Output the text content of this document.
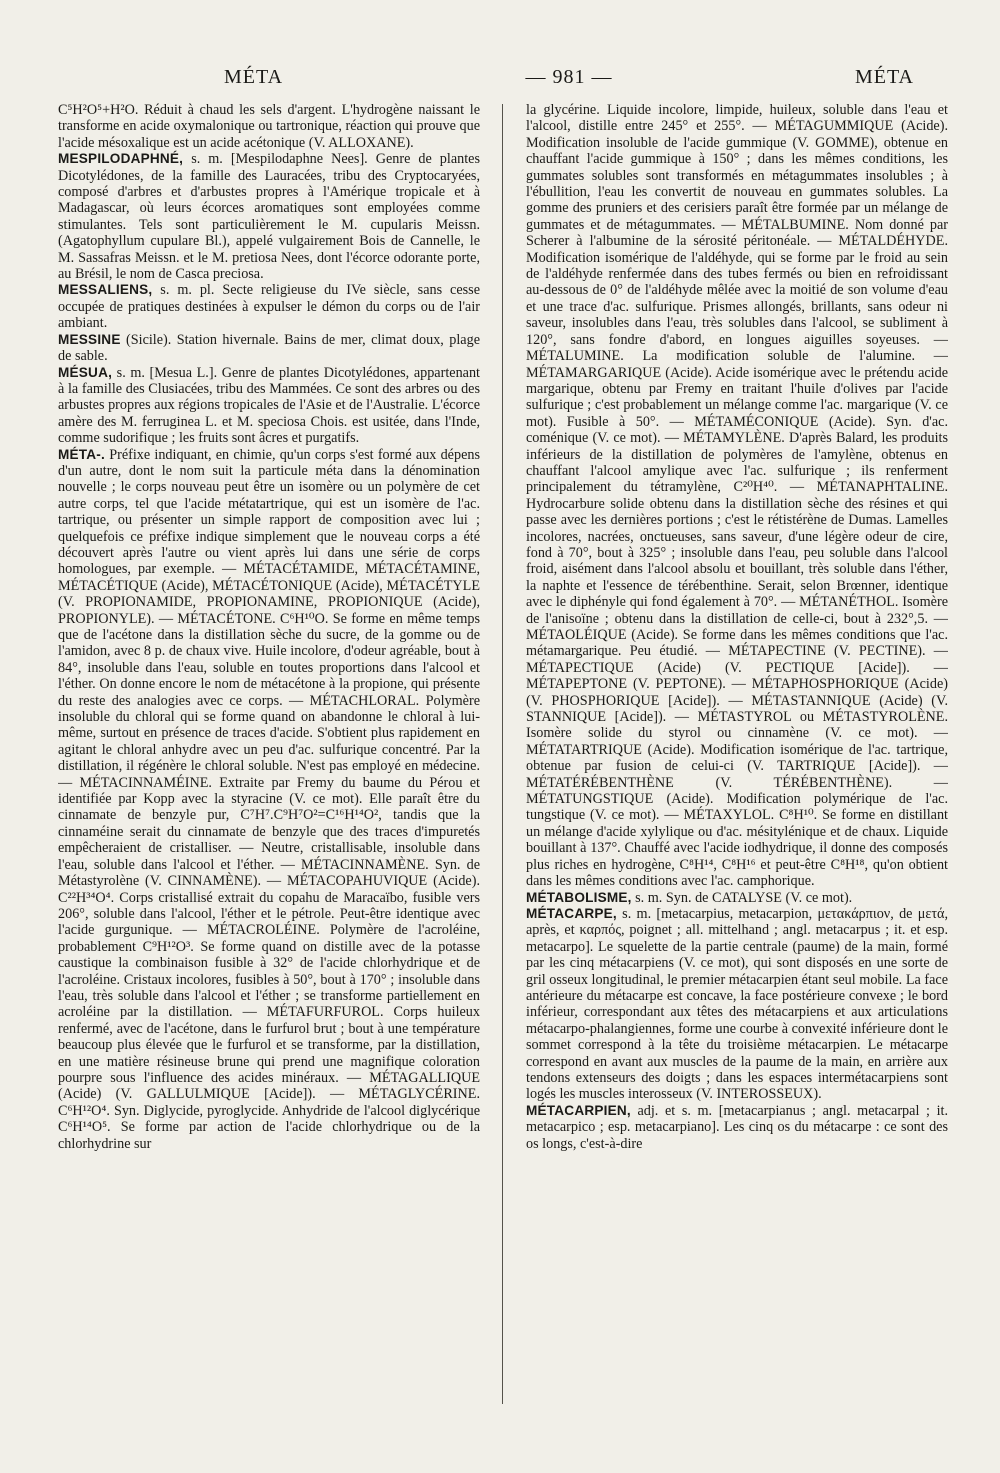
MÉTA	— 981 —	MÉTA

C⁵H²O⁵+H²O. Réduit à chaud les sels d'argent. L'hydrogène naissant le transforme en acide oxymalonique ou tartronique, réaction qui prouve que l'acide mésoxalique est un acide acétonique (V. ALLOXANE).

MESPILODAPHNÉ, s. m. [Mespilodaphne Nees]. Genre de plantes Dicotylédones, de la famille des Lauracées, tribu des Cryptocaryées, composé d'arbres et d'arbustes propres à l'Amérique tropicale et à Madagascar, où leurs écorces aromatiques sont employées comme stimulantes. Tels sont particulièrement le M. cupularis Meissn. (Agatophyllum cupulare Bl.), appelé vulgairement Bois de Cannelle, le M. Sassafras Meissn. et le M. pretiosa Nees, dont l'écorce odorante porte, au Brésil, le nom de Casca preciosa.

MESSALIENS, s. m. pl. Secte religieuse du IVe siècle, sans cesse occupée de pratiques destinées à expulser le démon du corps ou de l'air ambiant.

MESSINE (Sicile). Station hivernale. Bains de mer, climat doux, plage de sable.

MÉSUA, s. m. [Mesua L.]. Genre de plantes Dicotylédones, appartenant à la famille des Clusiacées, tribu des Mammées. Ce sont des arbres ou des arbustes propres aux régions tropicales de l'Asie et de l'Australie. L'écorce amère des M. ferruginea L. et M. speciosa Chois. est usitée, dans l'Inde, comme sudorifique ; les fruits sont âcres et purgatifs.

MÉTA-. Préfixe indiquant, en chimie, qu'un corps s'est formé aux dépens d'un autre, dont le nom suit la particule méta dans la dénomination nouvelle ; le corps nouveau peut être un isomère ou un polymère de cet autre corps, tel que l'acide métatartrique, qui est un isomère de l'ac. tartrique, ou présenter un simple rapport de composition avec lui ; quelquefois ce préfixe indique simplement que le nouveau corps a été découvert après l'autre ou vient après lui dans une série de corps homologues, par exemple. — MÉTACÉTAMIDE, MÉTACÉTAMINE, MÉTACÉTIQUE (Acide), MÉTACÉTONIQUE (Acide), MÉTACÉTYLE (V. PROPIONAMIDE, PROPIONAMINE, PROPIONIQUE (Acide), PROPIONYLE). — MÉTACÉTONE. C⁶H¹⁰O. Se forme en même temps que de l'acétone dans la distillation sèche du sucre, de la gomme ou de l'amidon, avec 8 p. de chaux vive. Huile incolore, d'odeur agréable, bout à 84°, insoluble dans l'eau, soluble en toutes proportions dans l'alcool et l'éther. On donne encore le nom de métacétone à la propione, qui présente du reste des analogies avec ce corps. — MÉTACHLORAL. Polymère insoluble du chloral qui se forme quand on abandonne le chloral à lui-même, surtout en présence de traces d'acide. S'obtient plus rapidement en agitant le chloral anhydre avec un peu d'ac. sulfurique concentré. Par la distillation, il régénère le chloral soluble. N'est pas employé en médecine. — MÉTACINNAMÉINE. Extraite par Fremy du baume du Pérou et identifiée par Kopp avec la styracine (V. ce mot). Elle paraît être du cinnamate de benzyle pur, C⁷H⁷.C⁹H⁷O²=C¹⁶H¹⁴O², tandis que la cinnaméine serait du cinnamate de benzyle que des traces d'impuretés empêcheraient de cristalliser. — Neutre, cristallisable, insoluble dans l'eau, soluble dans l'alcool et l'éther. — MÉTACINNAMÈNE. Syn. de Métastyrolène (V. CINNAMÈNE). — MÉTACOPAHUVIQUE (Acide). C²²H³⁴O⁴. Corps cristallisé extrait du copahu de Maracaïbo, fusible vers 206°, soluble dans l'alcool, l'éther et le pétrole. Peut-être identique avec l'acide gurgunique. — MÉTACROLÉINE. Polymère de l'acroléine, probablement C⁹H¹²O³. Se forme quand on distille avec de la potasse caustique la combinaison fusible à 32° de l'acide chlorhydrique et de l'acroléine. Cristaux incolores, fusibles à 50°, bout à 170° ; insoluble dans l'eau, très soluble dans l'alcool et l'éther ; se transforme partiellement en acroléine par la distillation. — MÉTAFURFUROL. Corps huileux renfermé, avec de l'acétone, dans le furfurol brut ; bout à une température beaucoup plus élevée que le furfurol et se transforme, par la distillation, en une matière résineuse brune qui prend une magnifique coloration pourpre sous l'influence des acides minéraux. — MÉTAGALLIQUE (Acide) (V. GALLULMIQUE [Acide]). — MÉTAGLYCÉRINE. C⁶H¹²O⁴. Syn. Diglycide, pyroglycide. Anhydride de l'alcool diglycérique C⁶H¹⁴O⁵. Se forme par action de l'acide chlorhydrique ou de la chlorhydrine sur

la glycérine. Liquide incolore, limpide, huileux, soluble dans l'eau et l'alcool, distille entre 245° et 255°. — MÉTAGUMMIQUE (Acide). Modification insoluble de l'acide gummique (V. GOMME), obtenue en chauffant l'acide gummique à 150° ; dans les mêmes conditions, les gummates solubles sont transformés en métagummates insolubles ; à l'ébullition, l'eau les convertit de nouveau en gummates solubles. La gomme des pruniers et des cerisiers paraît être formée par un mélange de gummates et de métagummates. — MÉTALBUMINE. Nom donné par Scherer à l'albumine de la sérosité péritonéale. — MÉTALDÉHYDE. Modification isomérique de l'aldéhyde, qui se forme par le froid au sein de l'aldéhyde renfermée dans des tubes fermés ou bien en refroidissant au-dessous de 0° de l'aldéhyde mêlée avec la moitié de son volume d'eau et une trace d'ac. sulfurique. Prismes allongés, brillants, sans odeur ni saveur, insolubles dans l'eau, très solubles dans l'alcool, se subliment à 120°, sans fondre d'abord, en longues aiguilles soyeuses. — MÉTALUMINE. La modification soluble de l'alumine. — MÉTAMARGARIQUE (Acide). Acide isomérique avec le prétendu acide margarique, obtenu par Fremy en traitant l'huile d'olives par l'acide sulfurique ; c'est probablement un mélange comme l'ac. margarique (V. ce mot). Fusible à 50°. — MÉTAMÉCONIQUE (Acide). Syn. d'ac. coménique (V. ce mot). — MÉTAMYLÈNE. D'après Balard, les produits inférieurs de la distillation de polymères de l'amylène, obtenus en chauffant l'alcool amylique avec l'ac. sulfurique ; ils renferment principalement du tétramylène, C²⁰H⁴⁰. — MÉTANAPHTALINE. Hydrocarbure solide obtenu dans la distillation sèche des résines et qui passe avec les dernières portions ; c'est le rétistérène de Dumas. Lamelles incolores, nacrées, onctueuses, sans saveur, d'une légère odeur de cire, fond à 70°, bout à 325° ; insoluble dans l'eau, peu soluble dans l'alcool froid, aisément dans l'alcool absolu et bouillant, très soluble dans l'éther, la naphte et l'essence de térébenthine. Serait, selon Brœnner, identique avec le diphényle qui fond également à 70°. — MÉTANÉTHOL. Isomère de l'anisoïne ; obtenu dans la distillation de celle-ci, bout à 232°,5. — MÉTAOLÉIQUE (Acide). Se forme dans les mêmes conditions que l'ac. métamargarique. Peu étudié. — MÉTAPECTINE (V. PECTINE). — MÉTAPECTIQUE (Acide) (V. PECTIQUE [Acide]). — MÉTAPEPTONE (V. PEPTONE). — MÉTAPHOSPHORIQUE (Acide) (V. PHOSPHORIQUE [Acide]). — MÉTASTANNIQUE (Acide) (V. STANNIQUE [Acide]). — MÉTASTYROL ou MÉTASTYROLÈNE. Isomère solide du styrol ou cinnamène (V. ce mot). — MÉTATARTRIQUE (Acide). Modification isomérique de l'ac. tartrique, obtenue par fusion de celui-ci (V. TARTRIQUE [Acide]). — MÉTATÉRÉBENTHÈNE (V. TÉRÉBENTHÈNE). — MÉTATUNGSTIQUE (Acide). Modification polymérique de l'ac. tungstique (V. ce mot). — MÉTAXYLOL. C⁸H¹⁰. Se forme en distillant un mélange d'acide xylylique ou d'ac. mésitylénique et de chaux. Liquide bouillant à 137°. Chauffé avec l'acide iodhydrique, il donne des composés plus riches en hydrogène, C⁸H¹⁴, C⁸H¹⁶ et peut-être C⁸H¹⁸, qu'on obtient dans les mêmes conditions avec l'ac. camphorique.

MÉTABOLISME, s. m. Syn. de CATALYSE (V. ce mot).

MÉTACARPE, s. m. [metacarpius, metacarpion, μετακάρπιον, de μετά, après, et καρπός, poignet ; all. mittelhand ; angl. metacarpus ; it. et esp. metacarpo]. Le squelette de la partie centrale (paume) de la main, formé par les cinq métacarpiens (V. ce mot), qui sont disposés en une sorte de gril osseux longitudinal, le premier métacarpien étant seul mobile. La face antérieure du métacarpe est concave, la face postérieure convexe ; le bord inférieur, correspondant aux têtes des métacarpiens et aux articulations métacarpo-phalangiennes, forme une courbe à convexité inférieure dont le sommet correspond à la tête du troisième métacarpien. Le métacarpe correspond en avant aux muscles de la paume de la main, en arrière aux tendons extenseurs des doigts ; dans les espaces intermétacarpiens sont logés les muscles interosseux (V. INTEROSSEUX).

MÉTACARPIEN, adj. et s. m. [metacarpianus ; angl. metacarpal ; it. metacarpico ; esp. metacarpiano]. Les cinq os du métacarpe : ce sont des os longs, c'est-à-dire
